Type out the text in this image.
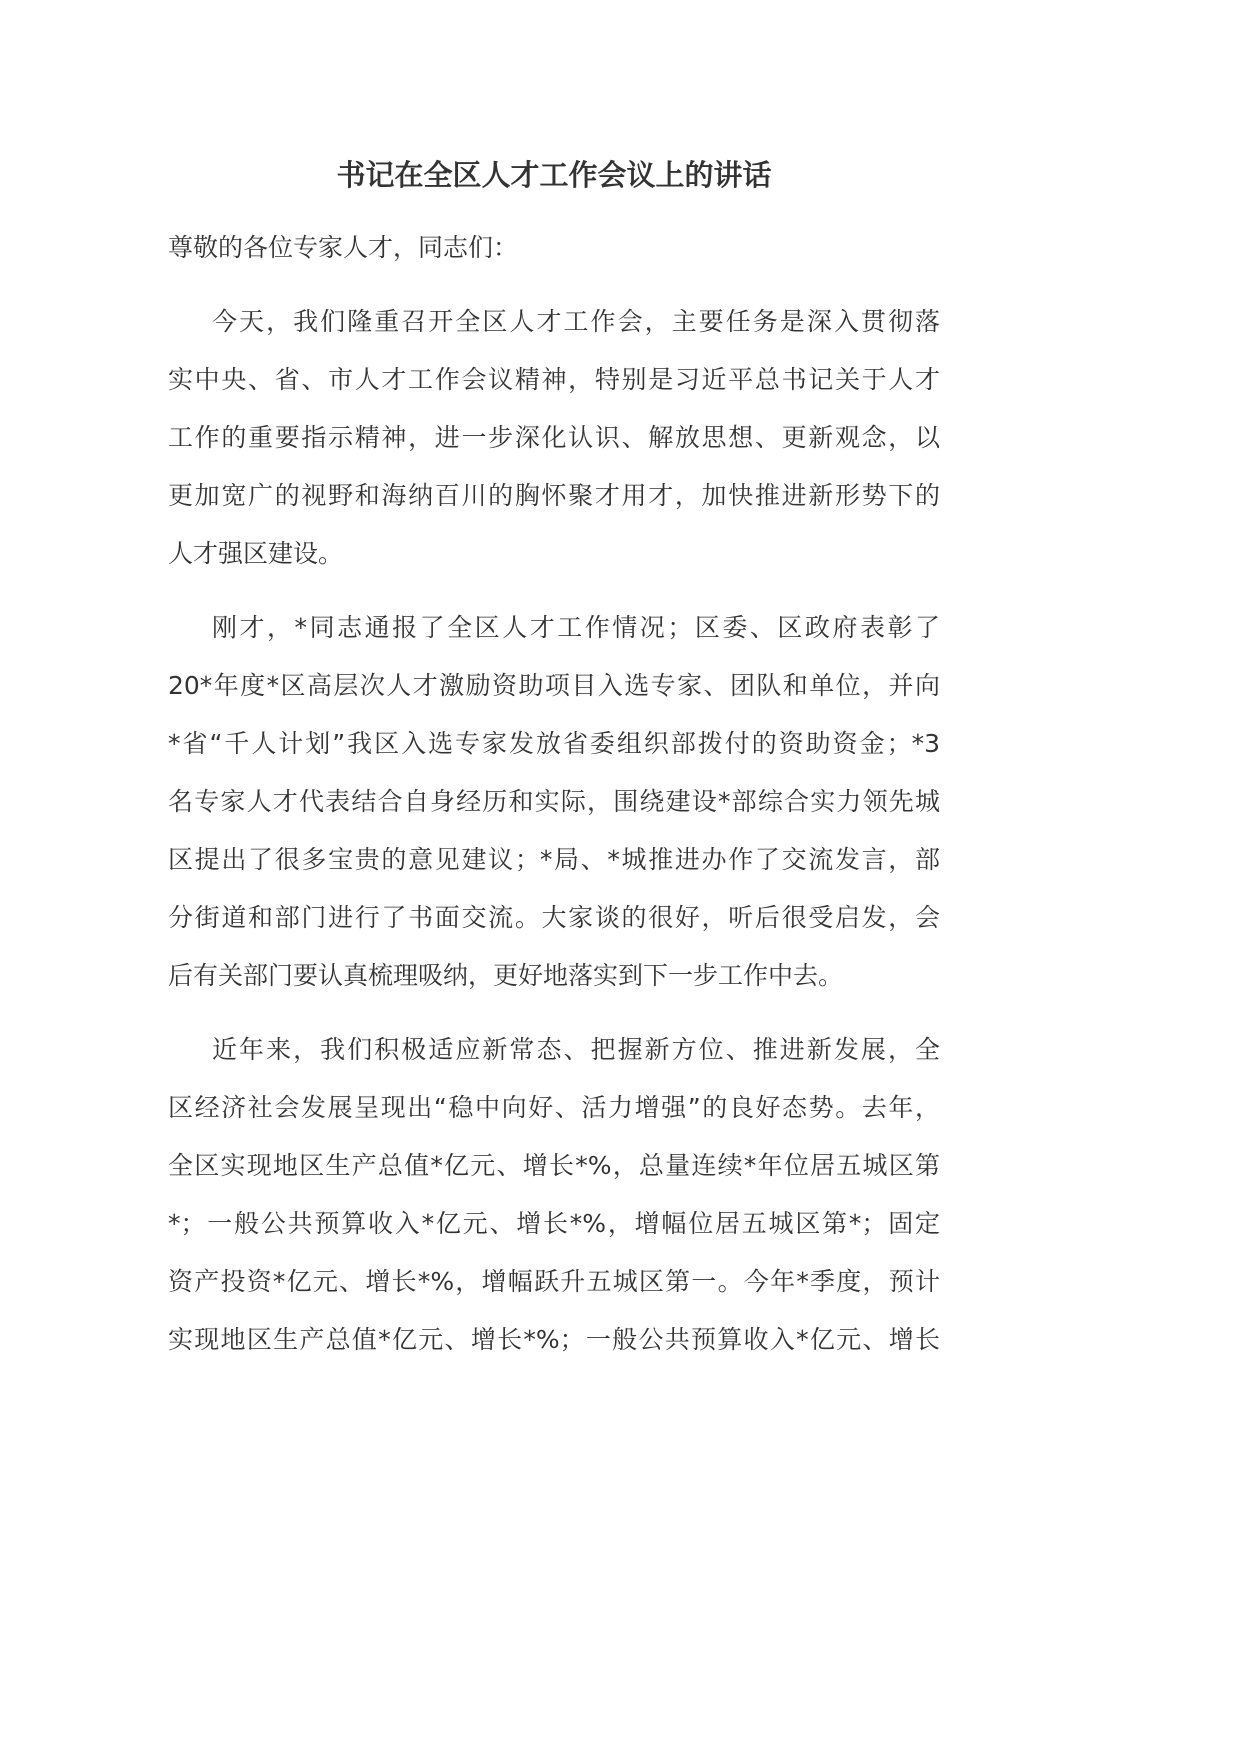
书记在全区人才工作会议上的讲话
尊敬的各位专家人才，同志们：
今天，我们隆重召开全区人才工作会，主要任务是深入贯彻落
实中央、省、市人才工作会议精神，特别是习近平总书记关于人才
工作的重要指示精神，进一步深化认识、解放思想、更新观念，以
更加宽广的视野和海纳百川的胸怀聚才用才，加快推进新形势下的
人才强区建设。
刚才，*同志通报了全区人才工作情况；区委、区政府表彰了
20*年度*区高层次人才激励资助项目入选专家、团队和单位，并向
*省“千人计划”我区入选专家发放省委组织部拨付的资助资金；*3
名专家人才代表结合自身经历和实际，围绕建设*部综合实力领先城
区提出了很多宝贵的意见建议；*局、*城推进办作了交流发言，部
分街道和部门进行了书面交流。大家谈的很好，听后很受启发，会
后有关部门要认真梳理吸纳，更好地落实到下一步工作中去。
近年来，我们积极适应新常态、把握新方位、推进新发展，全
区经济社会发展呈现出“稳中向好、活力增强”的良好态势。去年，
全区实现地区生产总值*亿元、增长*%，总量连续*年位居五城区第
*；一般公共预算收入*亿元、增长*%，增幅位居五城区第*；固定
资产投资*亿元、增长*%，增幅跃升五城区第一。今年*季度，预计
实现地区生产总值*亿元、增长*%；一般公共预算收入*亿元、增长
